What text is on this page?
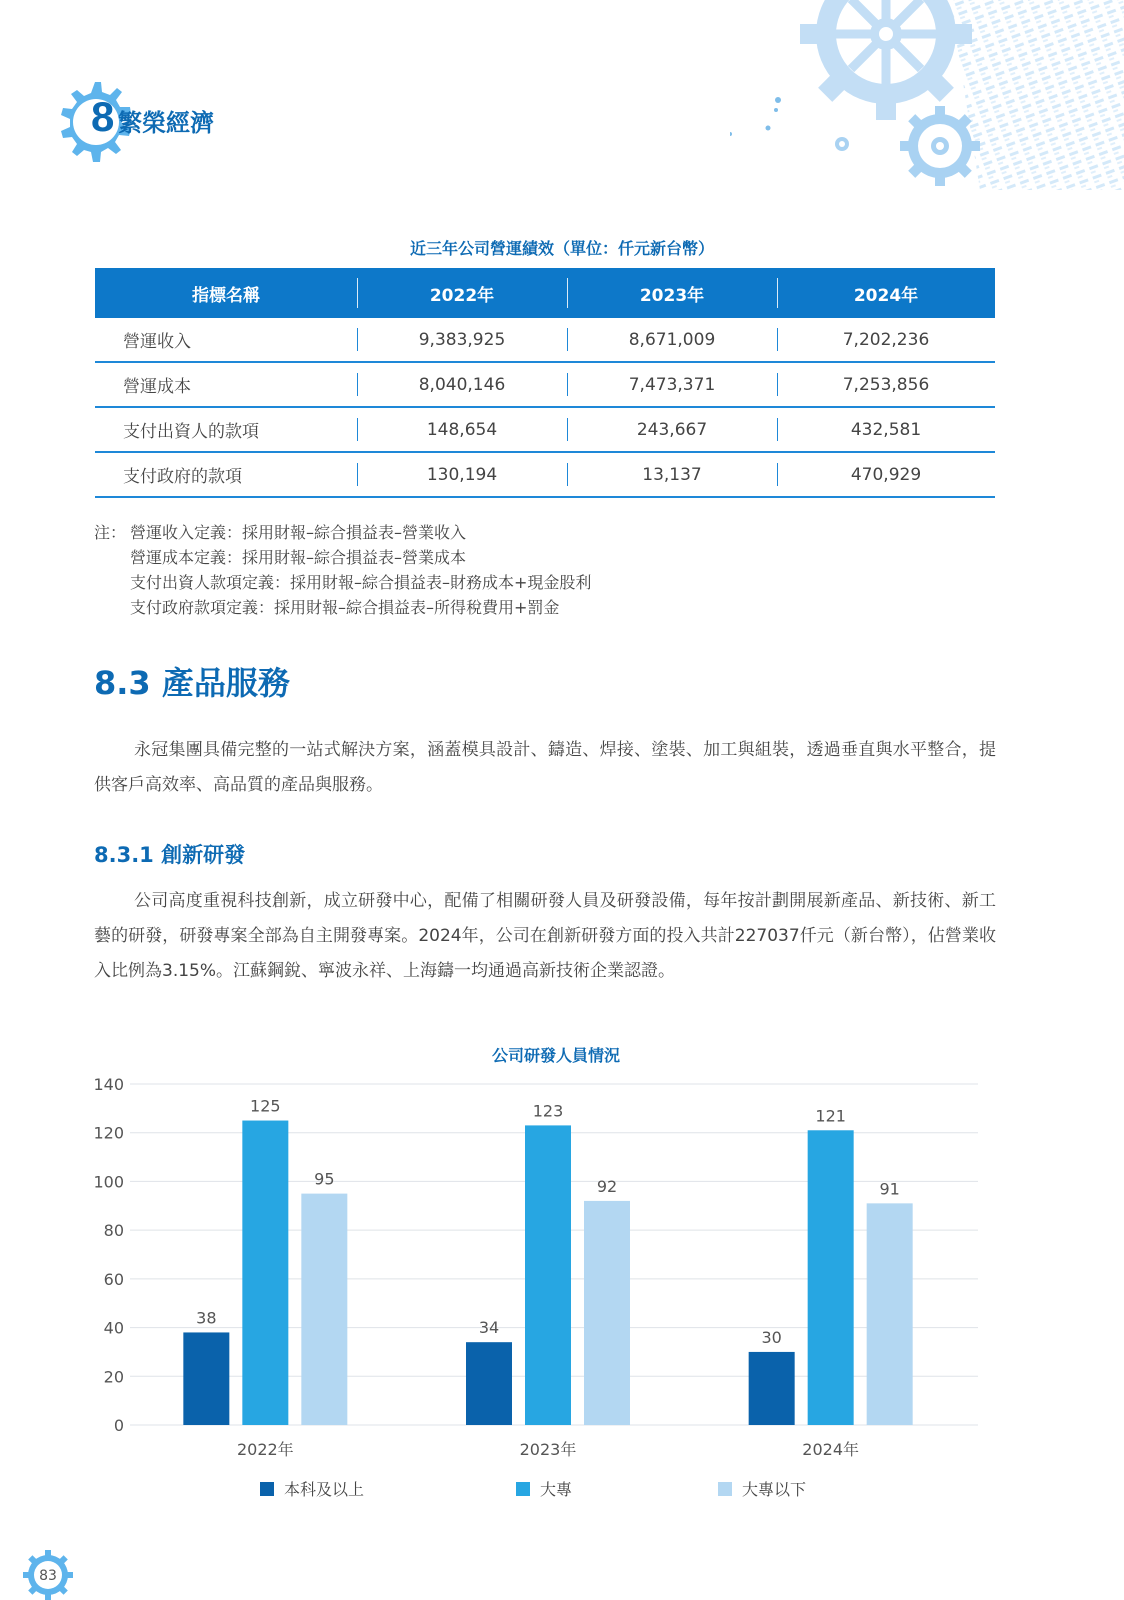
8 繁榮經濟
近三年公司營運績效（單位：仟元新台幣）
指標名稱	2022年	2023年	2024年
營運收入	9,383,925	8,671,009	7,202,236
營運成本	8,040,146	7,473,371	7,253,856
支付出資人的款項	148,654	243,667	432,581
支付政府的款項	130,194	13,137	470,929
注： 營運收入定義：採用財報–綜合損益表–營業收入
營運成本定義：採用財報–綜合損益表–營業成本
支付出資人款項定義：採用財報–綜合損益表–財務成本+現金股利
支付政府款項定義：採用財報–綜合損益表–所得稅費用+罰金
8.3 產品服務

永冠集團具備完整的一站式解決方案，涵蓋模具設計、鑄造、焊接、塗裝、加工與組裝，透過垂直與水平整合，提供客戶高效率、高品質的產品與服務。

8.3.1 創新研發

公司高度重視科技創新，成立研發中心，配備了相關研發人員及研發設備，每年按計劃開展新產品、新技術、新工藝的研發，研發專案全部為自主開發專案。2024年，公司在創新研發方面的投入共計227037仟元（新台幣），佔營業收入比例為3.15%。江蘇鋼銳、寧波永祥、上海鑄一均通過高新技術企業認證。

公司研發人員情況
0
20
40
60
80
100
120
140
38
125
95
2022年
34
123
92
2023年
30
121
91
2024年
本科及以上	大專	大專以下
83
